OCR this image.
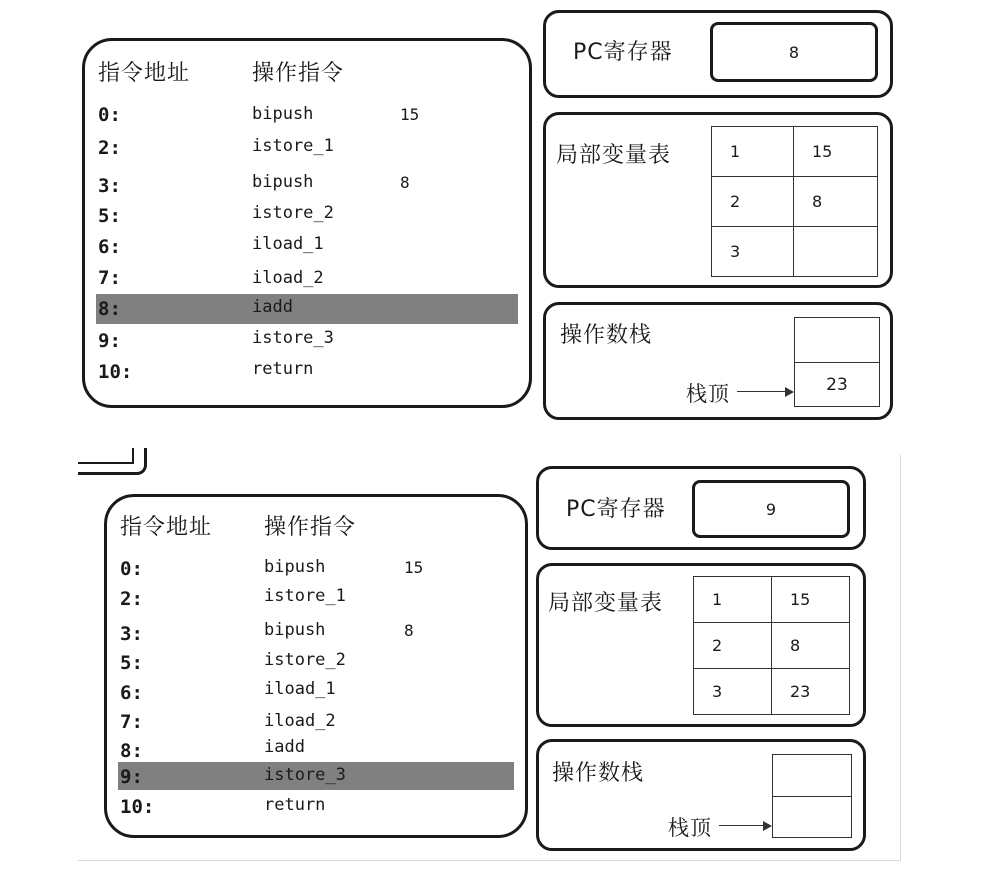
指令地址	操作指令
0:	bipush	15
2:	istore_1
3:	bipush	8
5:	istore_2
6:	iload_1
7:	iload_2
8:	iadd
9:	istore_3
10:	return
PC寄存器	8
局部变量表	1	15
2	8
3	
操作数栈
23
栈顶
指令地址 操作指令
0:	bipush	15
2:	istore_1
3:	bipush	8
5:	istore_2
6:	iload_1
7:	iload_2
8:	iadd
9:	istore_3
10:	return
PC寄存器	9
局部变量表	1	15
2	8
3	23
操作数栈
栈顶
